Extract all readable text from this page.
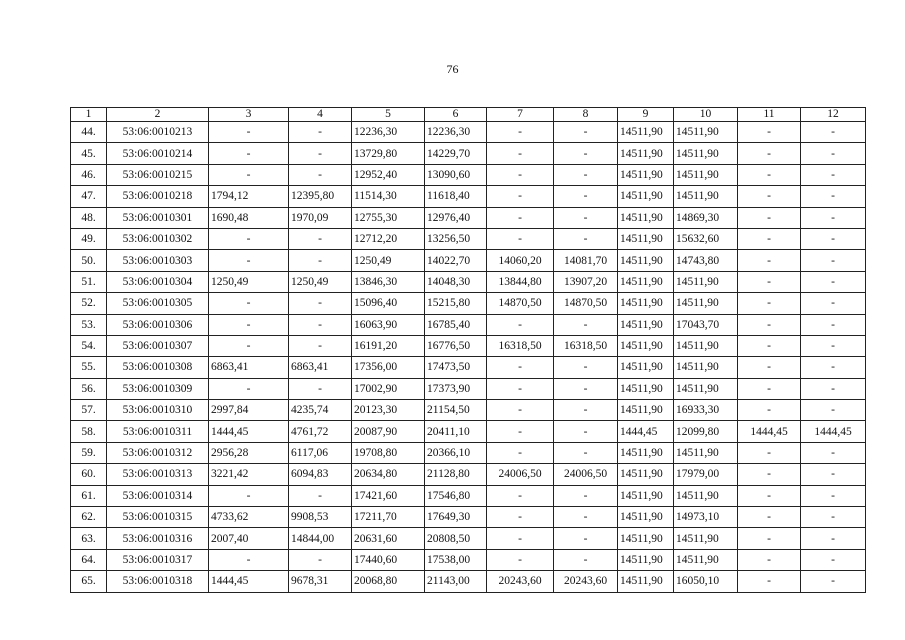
76
1	2	3	4	5	6	7	8	9	10	11	12
44.	53:06:0010213	-	-	12236,30	12236,30	-	-	14511,90	14511,90	-	-
45.	53:06:0010214	-	-	13729,80	14229,70	-	-	14511,90	14511,90	-	-
46.	53:06:0010215	-	-	12952,40	13090,60	-	-	14511,90	14511,90	-	-
47.	53:06:0010218	1794,12	12395,80	11514,30	11618,40	-	-	14511,90	14511,90	-	-
48.	53:06:0010301	1690,48	1970,09	12755,30	12976,40	-	-	14511,90	14869,30	-	-
49.	53:06:0010302	-	-	12712,20	13256,50	-	-	14511,90	15632,60	-	-
50.	53:06:0010303	-	-	1250,49	14022,70	14060,20	14081,70	14511,90	14743,80	-	-
51.	53:06:0010304	1250,49	1250,49	13846,30	14048,30	13844,80	13907,20	14511,90	14511,90	-	-
52.	53:06:0010305	-	-	15096,40	15215,80	14870,50	14870,50	14511,90	14511,90	-	-
53.	53:06:0010306	-	-	16063,90	16785,40	-	-	14511,90	17043,70	-	-
54.	53:06:0010307	-	-	16191,20	16776,50	16318,50	16318,50	14511,90	14511,90	-	-
55.	53:06:0010308	6863,41	6863,41	17356,00	17473,50	-	-	14511,90	14511,90	-	-
56.	53:06:0010309	-	-	17002,90	17373,90	-	-	14511,90	14511,90	-	-
57.	53:06:0010310	2997,84	4235,74	20123,30	21154,50	-	-	14511,90	16933,30	-	-
58.	53:06:0010311	1444,45	4761,72	20087,90	20411,10	-	-	1444,45	12099,80	1444,45	1444,45
59.	53:06:0010312	2956,28	6117,06	19708,80	20366,10	-	-	14511,90	14511,90	-	-
60.	53:06:0010313	3221,42	6094,83	20634,80	21128,80	24006,50	24006,50	14511,90	17979,00	-	-
61.	53:06:0010314	-	-	17421,60	17546,80	-	-	14511,90	14511,90	-	-
62.	53:06:0010315	4733,62	9908,53	17211,70	17649,30	-	-	14511,90	14973,10	-	-
63.	53:06:0010316	2007,40	14844,00	20631,60	20808,50	-	-	14511,90	14511,90	-	-
64.	53:06:0010317	-	-	17440,60	17538,00	-	-	14511,90	14511,90	-	-
65.	53:06:0010318	1444,45	9678,31	20068,80	21143,00	20243,60	20243,60	14511,90	16050,10	-	-
